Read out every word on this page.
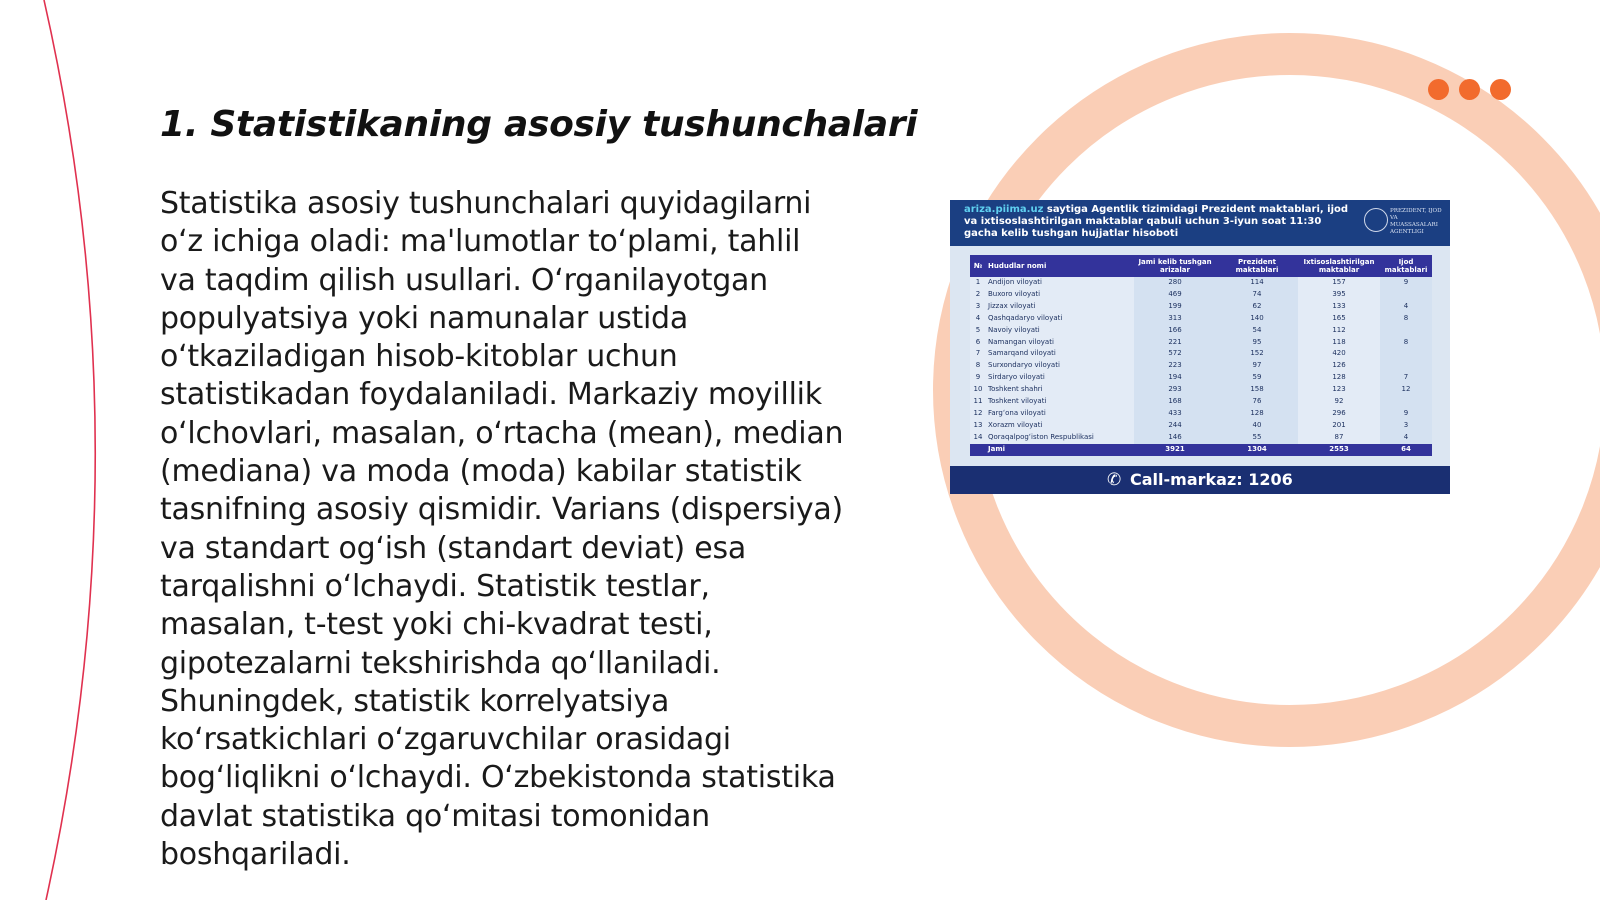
1. Statistikaning asosiy tushunchalari

Statistika asosiy tushunchalari quyidagilarni oʻz ichiga oladi: ma'lumotlar toʻplami, tahlil va taqdim qilish usullari. Oʻrganilayotgan populyatsiya yoki namunalar ustida oʻtkaziladigan hisob-kitoblar uchun statistikadan foydalaniladi. Markaziy moyillik oʻlchovlari, masalan, oʻrtacha (mean), median (mediana) va moda (moda) kabilar statistik tasnifning asosiy qismidir. Varians (dispersiya) va standart ogʻish (standart deviat) esa tarqalishni oʻlchaydi. Statistik testlar, masalan, t-test yoki chi-kvadrat testi, gipotezalarni tekshirishda qoʻllaniladi. Shuningdek, statistik korrelyatsiya koʻrsatkichlari oʻzgaruvchilar orasidagi bogʻliqlikni oʻlchaydi. Oʻzbekistonda statistika davlat statistika qoʻmitasi tomonidan boshqariladi.

arizа.piima.uz saytiga Agentlik tizimidagi Prezident maktablari, ijod va ixtisoslashtirilgan maktablar qabuli uchun 3-iyun soat 11:30 gacha kelib tushgan hujjatlar hisoboti
PREZIDENT, IJOD VA MUASSASALARI AGENTLIGI
№	Hududlar nomi	Jami kelib tushgan arizalar	Prezident maktablari	Ixtisoslashtirilgan maktablar	Ijod maktablari
1	Andijon viloyati	280	114	157	9
2	Buxoro viloyati	469	74	395	
3	Jizzax viloyati	199	62	133	4
4	Qashqadaryo viloyati	313	140	165	8
5	Navoiy viloyati	166	54	112	
6	Namangan viloyati	221	95	118	8
7	Samarqand viloyati	572	152	420	
8	Surxondaryo viloyati	223	97	126	
9	Sirdaryo viloyati	194	59	128	7
10	Toshkent shahri	293	158	123	12
11	Toshkent viloyati	168	76	92	
12	Fargʻona viloyati	433	128	296	9
13	Xorazm viloyati	244	40	201	3
14	Qoraqalpogʻiston Respublikasi	146	55	87	4
	Jami	3921	1304	2553	64
✆ Call-markaz: 1206
